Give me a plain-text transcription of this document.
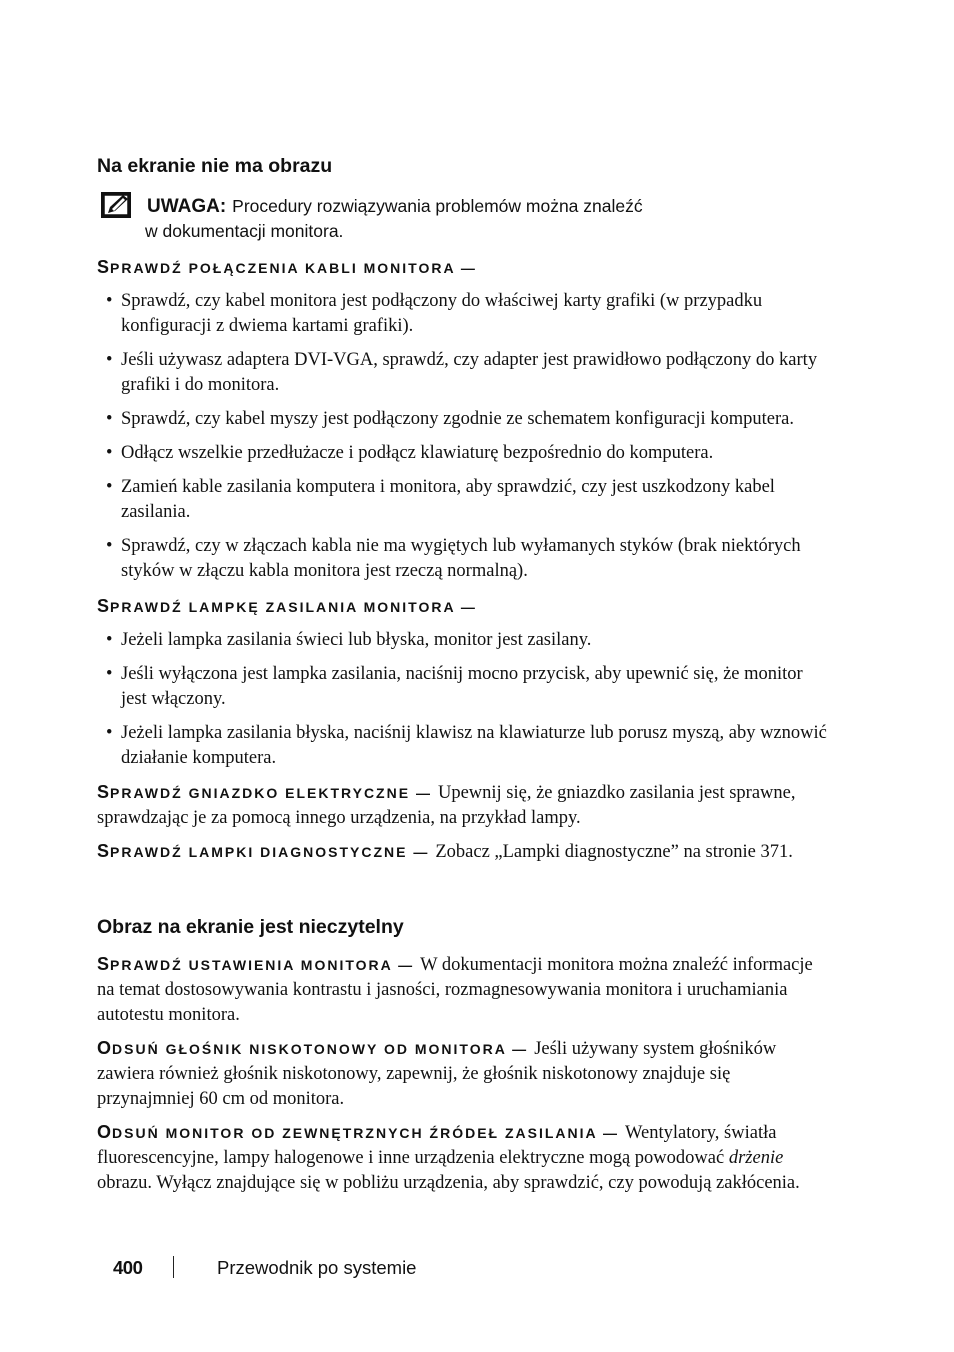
Na ekranie nie ma obrazu
UWAGA: Procedury rozwiązywania problemów można znaleźć
w dokumentacji monitora.
SPRAWDŹ POŁĄCZENIA KABLI MONITORA —
• Sprawdź, czy kabel monitora jest podłączony do właściwej karty grafiki (w przypadku konfiguracji z dwiema kartami grafiki).
• Jeśli używasz adaptera DVI-VGA, sprawdź, czy adapter jest prawidłowo podłączony do karty grafiki i do monitora.
• Sprawdź, czy kabel myszy jest podłączony zgodnie ze schematem konfiguracji komputera.
• Odłącz wszelkie przedłużacze i podłącz klawiaturę bezpośrednio do komputera.
• Zamień kable zasilania komputera i monitora, aby sprawdzić, czy jest uszkodzony kabel zasilania.
• Sprawdź, czy w złączach kabla nie ma wygiętych lub wyłamanych styków (brak niektórych styków w złączu kabla monitora jest rzeczą normalną).
SPRAWDŹ LAMPKĘ ZASILANIA MONITORA —
• Jeżeli lampka zasilania świeci lub błyska, monitor jest zasilany.
• Jeśli wyłączona jest lampka zasilania, naciśnij mocno przycisk, aby upewnić się, że monitor jest włączony.
• Jeżeli lampka zasilania błyska, naciśnij klawisz na klawiaturze lub porusz myszą, aby wznowić działanie komputera.

SPRAWDŹ GNIAZDKO ELEKTRYCZNE — Upewnij się, że gniazdko zasilania jest sprawne, sprawdzając je za pomocą innego urządzenia, na przykład lampy.

SPRAWDŹ LAMPKI DIAGNOSTYCZNE — Zobacz „Lampki diagnostyczne” na stronie 371.

Obraz na ekranie jest nieczytelny

SPRAWDŹ USTAWIENIA MONITORA — W dokumentacji monitora można znaleźć informacje na temat dostosowywania kontrastu i jasności, rozmagnesowywania monitora i uruchamiania autotestu monitora.

ODSUŃ GŁOŚNIK NISKOTONOWY OD MONITORA — Jeśli używany system głośników zawiera również głośnik niskotonowy, zapewnij, że głośnik niskotonowy znajduje się przynajmniej 60 cm od monitora.

ODSUŃ MONITOR OD ZEWNĘTRZNYCH ŹRÓDEŁ ZASILANIA — Wentylatory, światła fluorescencyjne, lampy halogenowe i inne urządzenia elektryczne mogą powodować drżenie obrazu. Wyłącz znajdujące się w pobliżu urządzenia, aby sprawdzić, czy powodują zakłócenia.

400	Przewodnik po systemie
